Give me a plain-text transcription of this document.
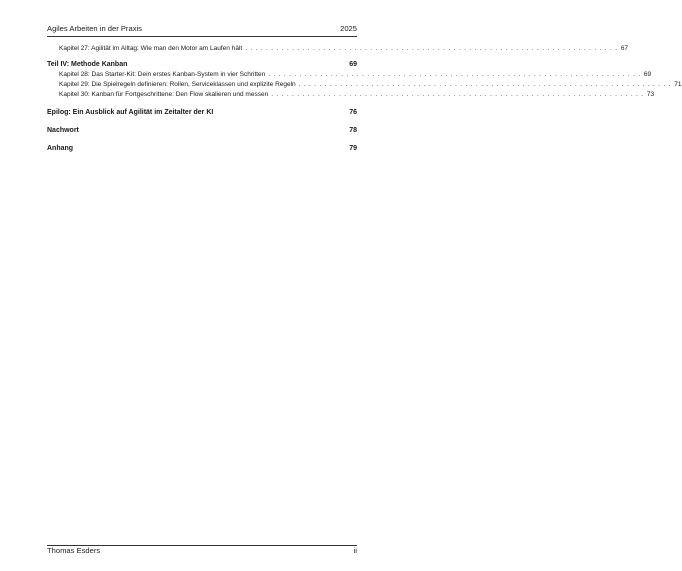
Agiles Arbeiten in der Praxis	2025
Kapitel 27: Agilität im Alltag: Wie man den Motor am Laufen hält . . .	67
Teil IV: Methode Kanban	69
Kapitel 28: Das Starter-Kit: Dein erstes Kanban-System in vier Schritten . . .	69
Kapitel 29: Die Spielregeln definieren: Rollen, Serviceklassen und explizite Regeln . . .	71
Kapitel 30: Kanban für Fortgeschrittene: Den Flow skalieren und messen . . .	73
Epilog: Ein Ausblick auf Agilität im Zeitalter der KI	76
Nachwort	78
Anhang	79
Thomas Esders	ii
